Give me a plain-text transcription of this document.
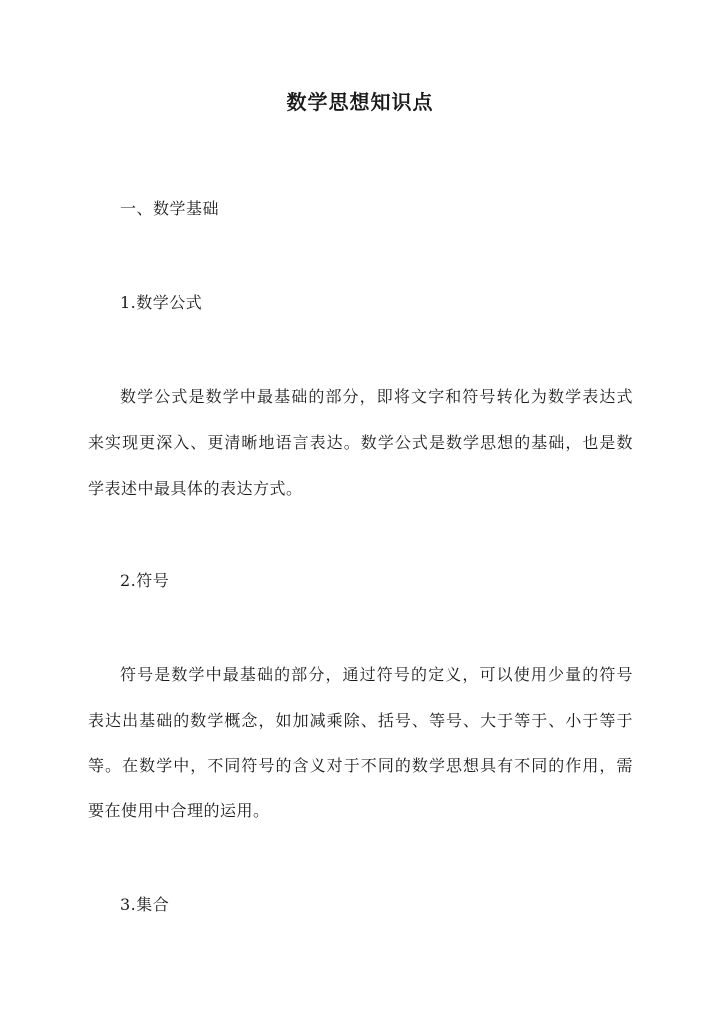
数学思想知识点
一、数学基础
1.数学公式
数学公式是数学中最基础的部分，即将文字和符号转化为数学表达式
来实现更深入、更清晰地语言表达。数学公式是数学思想的基础，也是数
学表述中最具体的表达方式。
2.符号
符号是数学中最基础的部分，通过符号的定义，可以使用少量的符号
表达出基础的数学概念，如加减乘除、括号、等号、大于等于、小于等于
等。在数学中，不同符号的含义对于不同的数学思想具有不同的作用，需
要在使用中合理的运用。
3.集合
